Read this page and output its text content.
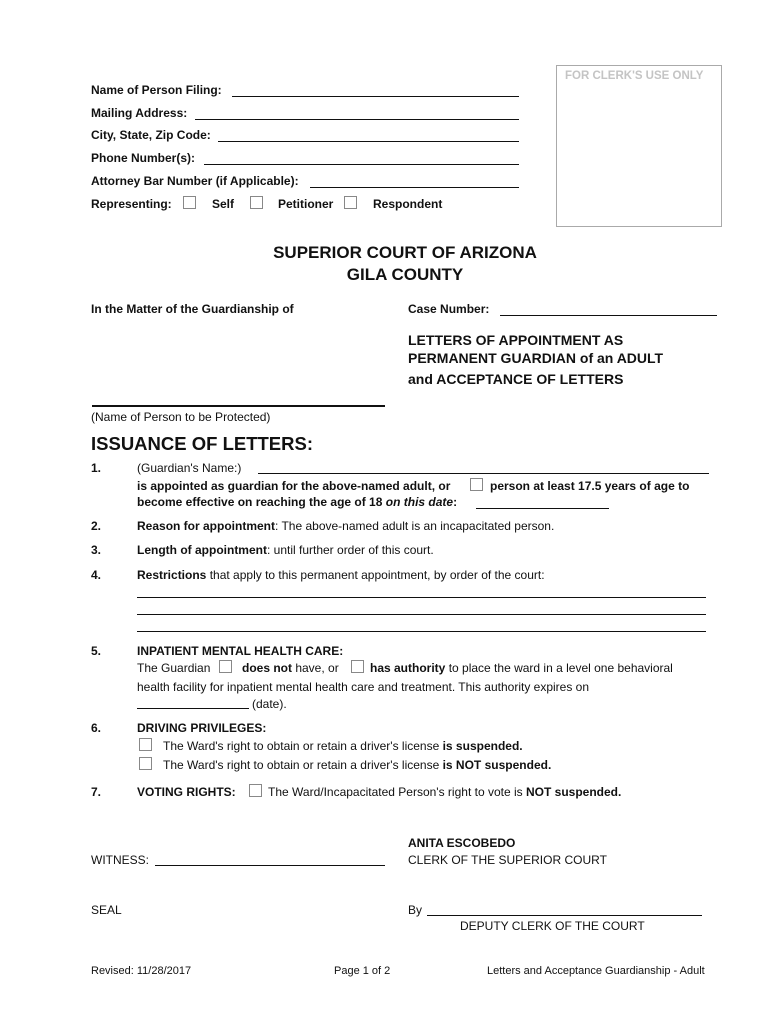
FOR CLERK'S USE ONLY
Name of Person Filing:
Mailing Address:
City, State, Zip Code:
Phone Number(s):
Attorney Bar Number (if Applicable):
Representing:	Self	Petitioner	Respondent
SUPERIOR COURT OF ARIZONA
GILA COUNTY
In the Matter of the Guardianship of	Case Number:
LETTERS OF APPOINTMENT AS
PERMANENT GUARDIAN of an ADULT
and ACCEPTANCE OF LETTERS
(Name of Person to be Protected)
ISSUANCE OF LETTERS:
1.	(Guardian's Name:)
is appointed as guardian for the above-named adult, or	person at least 17.5 years of age to
become effective on reaching the age of 18 on this date:
2.	Reason for appointment: The above-named adult is an incapacitated person.
3.	Length of appointment: until further order of this court.
4.	Restrictions that apply to this permanent appointment, by order of the court:
5.	INPATIENT MENTAL HEALTH CARE:
The Guardian	does not have, or	has authority to place the ward in a level one behavioral
health facility for inpatient mental health care and treatment. This authority expires on
(date).
6.	DRIVING PRIVILEGES:
The Ward's right to obtain or retain a driver's license is suspended.
The Ward's right to obtain or retain a driver's license is NOT suspended.
7.	VOTING RIGHTS:	The Ward/Incapacitated Person's right to vote is NOT suspended.
ANITA ESCOBEDO
WITNESS:	CLERK OF THE SUPERIOR COURT
SEAL	By
DEPUTY CLERK OF THE COURT
Revised: 11/28/2017	Page 1 of 2	Letters and Acceptance Guardianship - Adult
